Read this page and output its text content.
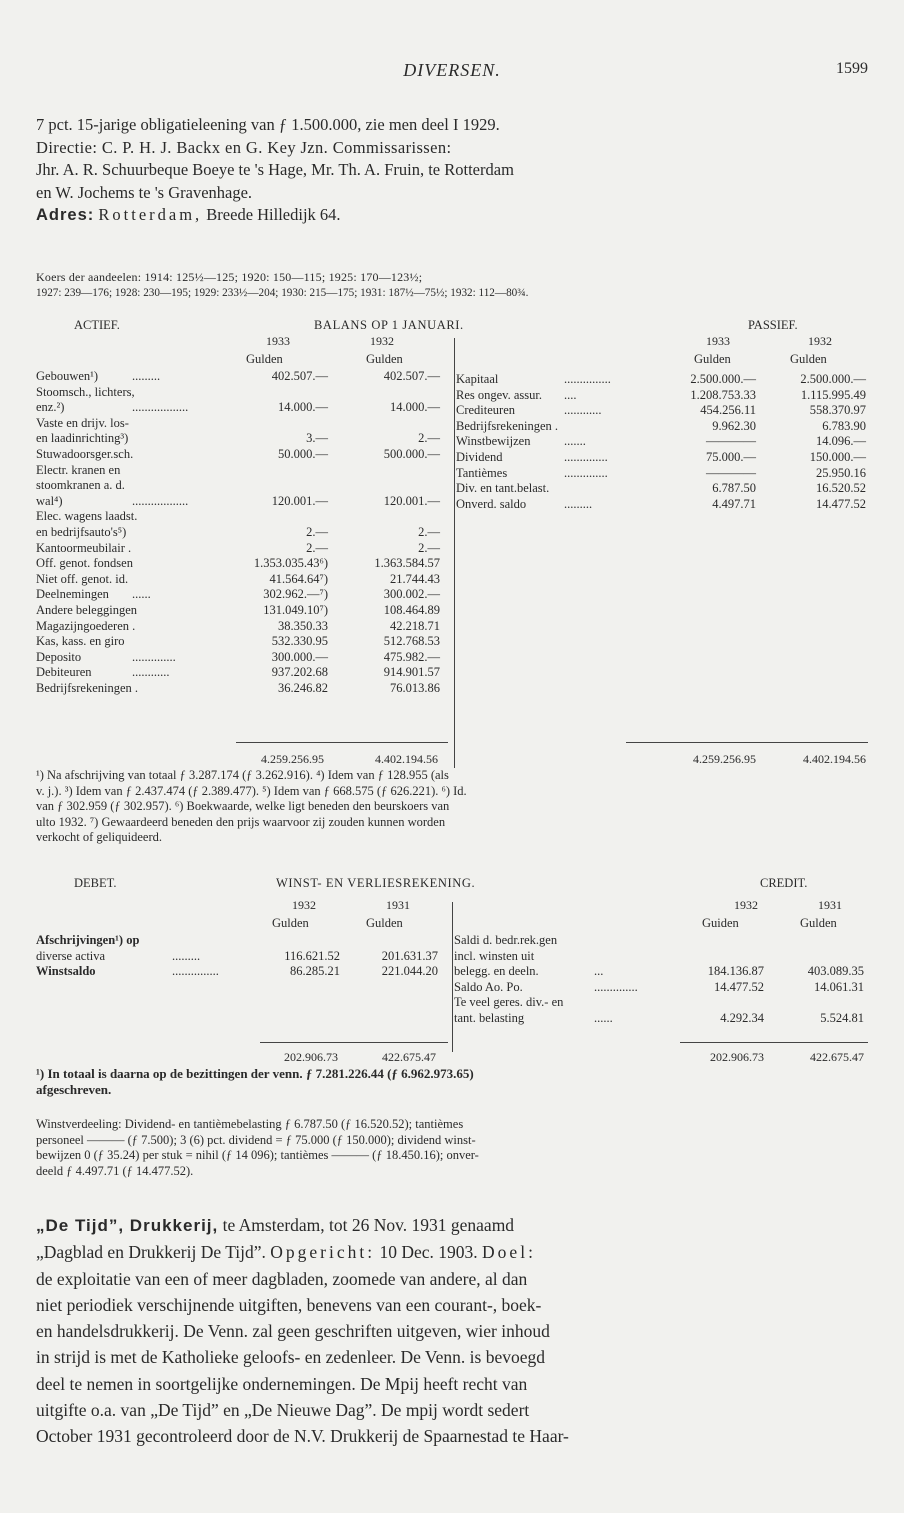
DIVERSEN.	1599
7 pct. 15-jarige obligatieleening van ƒ 1.500.000, zie men deel I 1929.
Directie: C. P. H. J. Backx en G. Key Jzn. Commissarissen:
Jhr. A. R. Schuurbeque Boeye te 's Hage, Mr. Th. A. Fruin, te Rotterdam
en W. Jochems te 's Gravenhage.
Adres: Rotterdam, Breede Hilledijk 64.
Koers der aandeelen: 1914: 125½—125; 1920: 150—115; 1925: 170—123½;
1927: 239—176; 1928: 230—195; 1929: 233½—204; 1930: 215—175; 1931: 187½—75½; 1932: 112—80¾.
ACTIEF.	BALANS OP 1 JANUARI.	PASSIEF.
1933	1932	1933	1932
Gulden	Gulden	Gulden	Gulden
Gebouwen¹)	.........	402.507.—	402.507.—
Stoomsch., lichters,
enz.²)	..................	14.000.—	14.000.—
Vaste en drijv. los-
en laadinrichting³)	3.—	2.—
Stuwadoorsger.sch.	50.000.—	500.000.—
Electr. kranen en
stoomkranen a. d.
wal⁴)	..................	120.001.—	120.001.—
Elec. wagens laadst.
en bedrijfsauto's⁵)	2.—	2.—
Kantoormeubilair .	2.—	2.—
Off. genot. fondsen	1.353.035.43⁶)	1.363.584.57
Niet off. genot. id.	41.564.64⁷)	21.744.43
Deelnemingen ......	302.962.—⁷)	300.002.—
Andere beleggingen	131.049.10⁷)	108.464.89
Magazijngoederen .	38.350.33	42.218.71
Kas, kass. en giro	532.330.95	512.768.53
Deposito	..............	300.000.—	475.982.—
Debiteuren	............	937.202.68	914.901.57
Bedrijfsrekeningen .	36.246.82	76.013.86
Kapitaal	...............	2.500.000.—	2.500.000.—
Res ongev. assur. ....	1.208.753.33	1.115.995.49
Crediteuren	............	454.256.11	558.370.97
Bedrijfsrekeningen .	9.962.30	6.783.90
Winstbewijzen	.......	————	14.096.—
Dividend	..............	75.000.—	150.000.—
Tantièmes	..............	————	25.950.16
Div. en tant.belast.	6.787.50	16.520.52
Onverd. saldo	.........	4.497.71	14.477.52
4.259.256.95	4.402.194.56	4.259.256.95	4.402.194.56
¹) Na afschrijving van totaal ƒ 3.287.174 (ƒ 3.262.916). ⁴) Idem van ƒ 128.955 (als
v. j.). ³) Idem van ƒ 2.437.474 (ƒ 2.389.477). ⁵) Idem van ƒ 668.575 (ƒ 626.221). ⁶) Id.
van ƒ 302.959 (ƒ 302.957). ⁶) Boekwaarde, welke ligt beneden den beurskoers van
ulto 1932. ⁷) Gewaardeerd beneden den prijs waarvoor zij zouden kunnen worden
verkocht of geliquideerd.
DEBET.	WINST- EN VERLIESREKENING.	CREDIT.
1932	1931	1932	1931
Gulden	Gulden	Guiden	Gulden
Afschrijvingen¹) op
diverse activa	.........	116.621.52	201.631.37
Winstsaldo	...............	86.285.21	221.044.20
Saldi d. bedr.rek.gen
incl. winsten uit
belegg. en deeln.	...	184.136.87	403.089.35
Saldo Ao. Po.	..............	14.477.52	14.061.31
Te veel geres. div.- en
tant. belasting	......	4.292.34	5.524.81
202.906.73	422.675.47	202.906.73	422.675.47
¹) In totaal is daarna op de bezittingen der venn. ƒ 7.281.226.44 (ƒ 6.962.973.65)
afgeschreven.
Winstverdeeling: Dividend- en tantièmebelasting ƒ 6.787.50 (ƒ 16.520.52); tantièmes
personeel ——— (ƒ 7.500); 3 (6) pct. dividend = ƒ 75.000 (ƒ 150.000); dividend winst-
bewijzen 0 (ƒ 35.24) per stuk = nihil (ƒ 14 096); tantièmes ——— (ƒ 18.450.16); onver-
deeld ƒ 4.497.71 (ƒ 14.477.52).
„De Tijd”, Drukkerij, te Amsterdam, tot 26 Nov. 1931 genaamd
„Dagblad en Drukkerij De Tijd”. Opgericht: 10 Dec. 1903. Doel:
de exploitatie van een of meer dagbladen, zoomede van andere, al dan
niet periodiek verschijnende uitgiften, benevens van een courant-, boek-
en handelsdrukkerij. De Venn. zal geen geschriften uitgeven, wier inhoud
in strijd is met de Katholieke geloofs- en zedenleer. De Venn. is bevoegd
deel te nemen in soortgelijke ondernemingen. De Mpij heeft recht van
uitgifte o.a. van „De Tijd” en „De Nieuwe Dag”. De mpij wordt sedert
October 1931 gecontroleerd door de N.V. Drukkerij de Spaarnestad te Haar-
